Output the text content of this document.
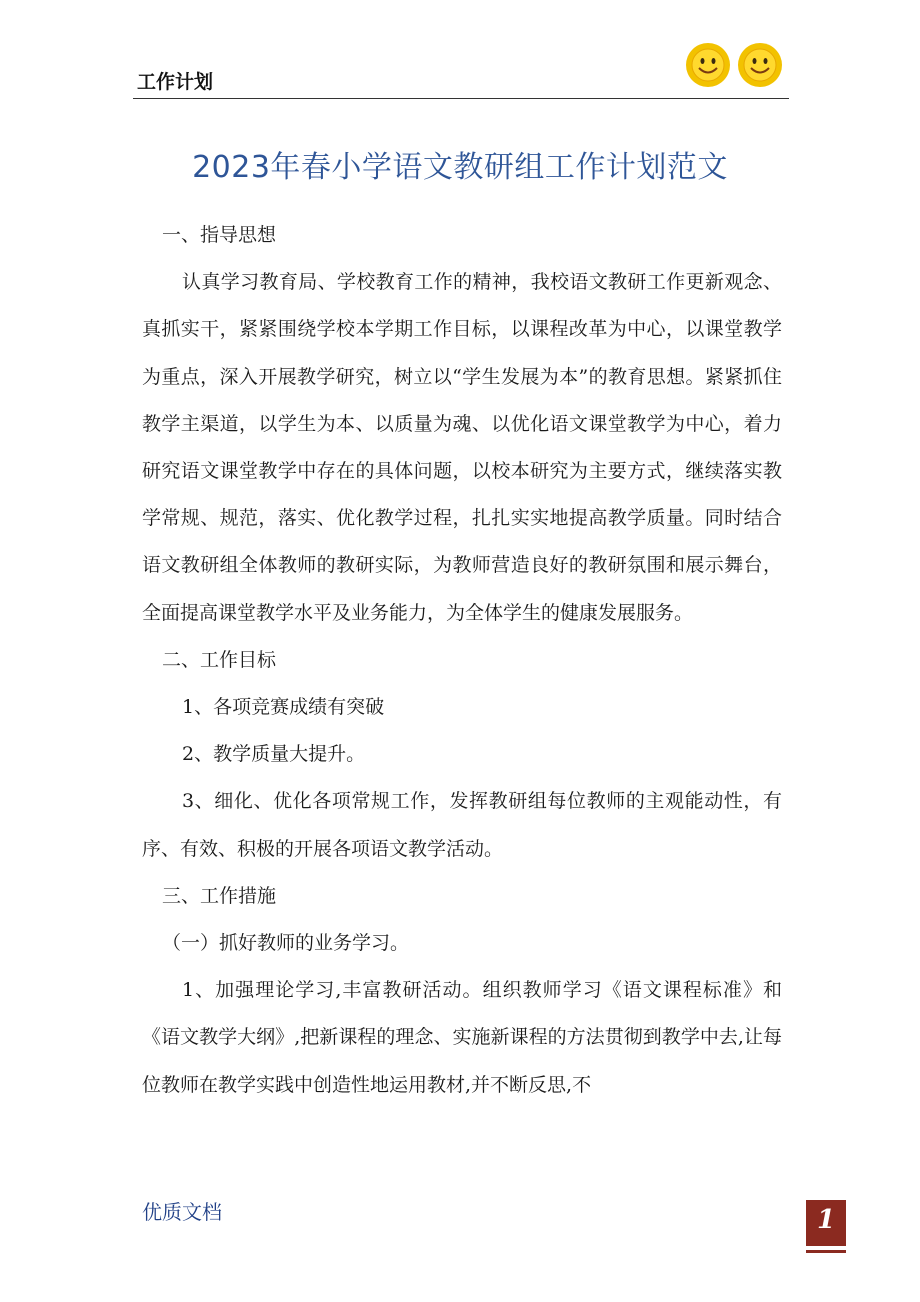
工作计划
2023年春小学语文教研组工作计划范文

一、指导思想

认真学习教育局、学校教育工作的精神，我校语文教研工作更新观念、真抓实干，紧紧围绕学校本学期工作目标，以课程改革为中心，以课堂教学为重点，深入开展教学研究，树立以“学生发展为本”的教育思想。紧紧抓住教学主渠道，以学生为本、以质量为魂、以优化语文课堂教学为中心，着力研究语文课堂教学中存在的具体问题，以校本研究为主要方式，继续落实教学常规、规范，落实、优化教学过程，扎扎实实地提高教学质量。同时结合语文教研组全体教师的教研实际，为教师营造良好的教研氛围和展示舞台，全面提高课堂教学水平及业务能力，为全体学生的健康发展服务。

二、工作目标

1、各项竞赛成绩有突破

2、教学质量大提升。

3、细化、优化各项常规工作，发挥教研组每位教师的主观能动性，有序、有效、积极的开展各项语文教学活动。

三、工作措施

（一）抓好教师的业务学习。

1、加强理论学习,丰富教研活动。组织教师学习《语文课程标准》和《语文教学大纲》,把新课程的理念、实施新课程的方法贯彻到教学中去,让每位教师在教学实践中创造性地运用教材,并不断反思,不

优质文档	1
